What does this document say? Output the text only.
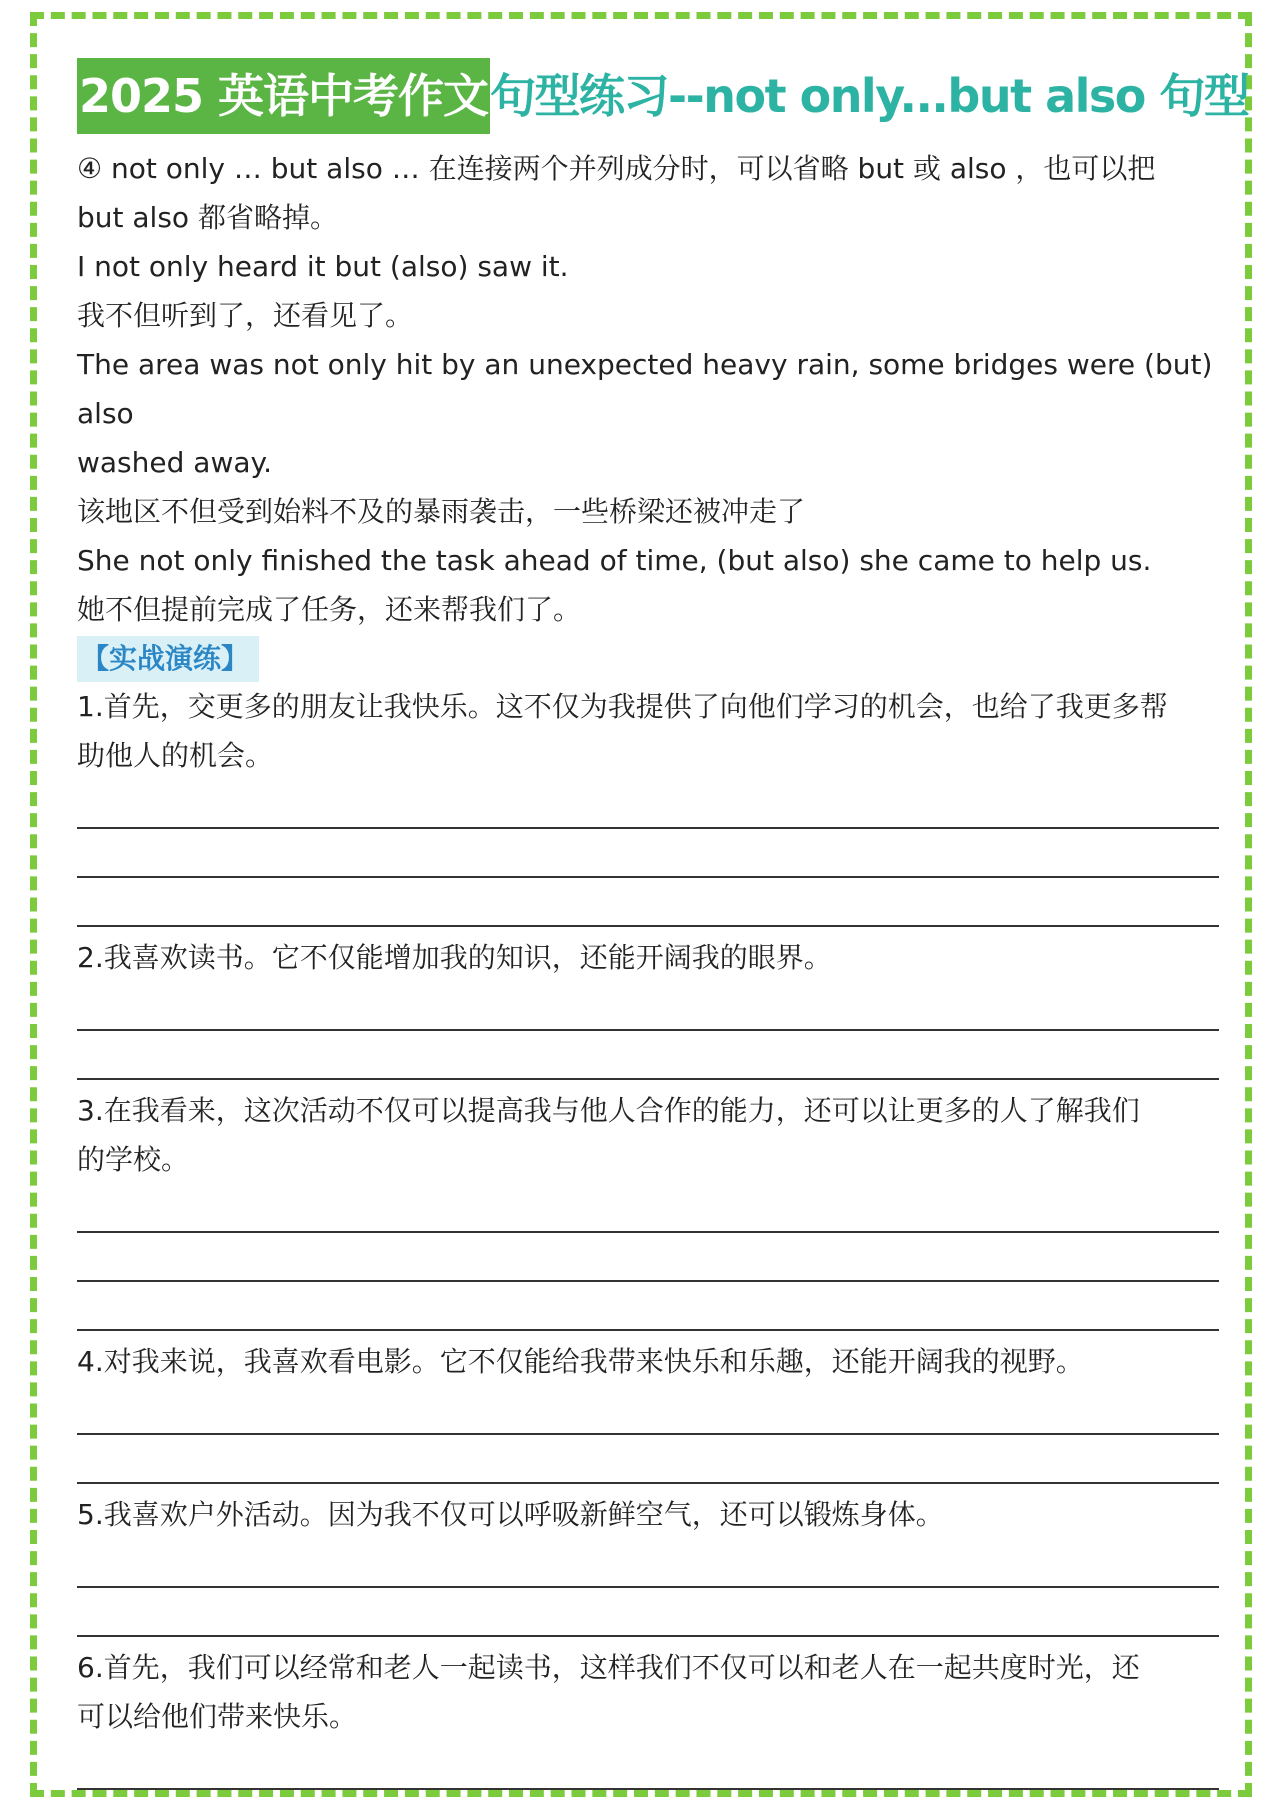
2025 英语中考作文 句型练习--not only...but also 句型
④ not only … but also … 在连接两个并列成分时，可以省略 but 或 also ，也可以把
but also 都省略掉。
I not only heard it but (also) saw it.
我不但听到了，还看见了。
The area was not only hit by an unexpected heavy rain, some bridges were (but) also
washed away.
该地区不但受到始料不及的暴雨袭击，一些桥梁还被冲走了
She not only finished the task ahead of time, (but also) she came to help us.
她不但提前完成了任务，还来帮我们了。
【实战演练】
1.首先，交更多的朋友让我快乐。这不仅为我提供了向他们学习的机会，也给了我更多帮
助他人的机会。
2.我喜欢读书。它不仅能增加我的知识，还能开阔我的眼界。
3.在我看来，这次活动不仅可以提高我与他人合作的能力，还可以让更多的人了解我们
的学校。
4.对我来说，我喜欢看电影。它不仅能给我带来快乐和乐趣，还能开阔我的视野。
5.我喜欢户外活动。因为我不仅可以呼吸新鲜空气，还可以锻炼身体。
6.首先，我们可以经常和老人一起读书，这样我们不仅可以和老人在一起共度时光，还
可以给他们带来快乐。
